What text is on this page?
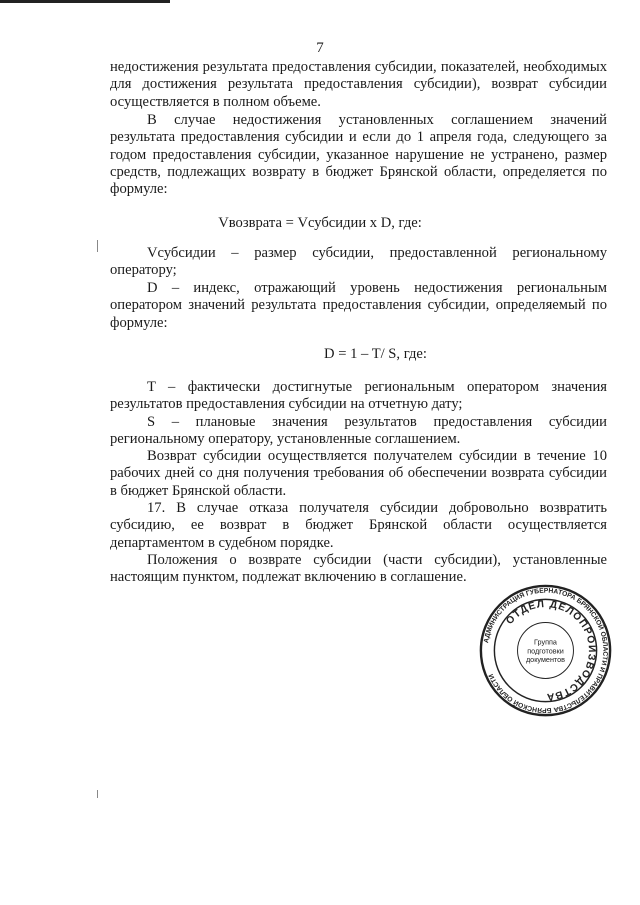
7

недостижения результата предоставления субсидии, показателей, необходимых для достижения результата предоставления субсидии), возврат субсидии осуществляется в полном объеме.

В случае недостижения установленных соглашением значений результата предоставления субсидии и если до 1 апреля года, следующего за годом предоставления субсидии, указанное нарушение не устранено, размер средств, подлежащих возврату в бюджет Брянской области, определяется по формуле:

Vвозврата = Vсубсидии x D, где:

Vсубсидии – размер субсидии, предоставленной региональному оператору;

D – индекс, отражающий уровень недостижения региональным оператором значений результата предоставления субсидии, определяемый по формуле:

D = 1 – T/ S, где:

T – фактически достигнутые региональным оператором значения результатов предоставления субсидии на отчетную дату;

S – плановые значения результатов предоставления субсидии региональному оператору, установленные соглашением.

Возврат субсидии осуществляется получателем субсидии в течение 10 рабочих дней со дня получения требования об обеспечении возврата субсидии в бюджет Брянской области.

17. В случае отказа получателя субсидии добровольно возвратить субсидию, ее возврат в бюджет Брянской области осуществляется департаментом в судебном порядке.

Положения о возврате субсидии (части субсидии), установленные настоящим пунктом, подлежат включению в соглашение.

АДМИНИСТРАЦИЯ ГУБЕРНАТОРА БРЯНСКОЙ ОБЛАСТИ И ПРАВИТЕЛЬСТВА БРЯНСКОЙ ОБЛАСТИ
ОТДЕЛ ДЕЛОПРОИЗВОДСТВА
Группа
подготовки
документов
